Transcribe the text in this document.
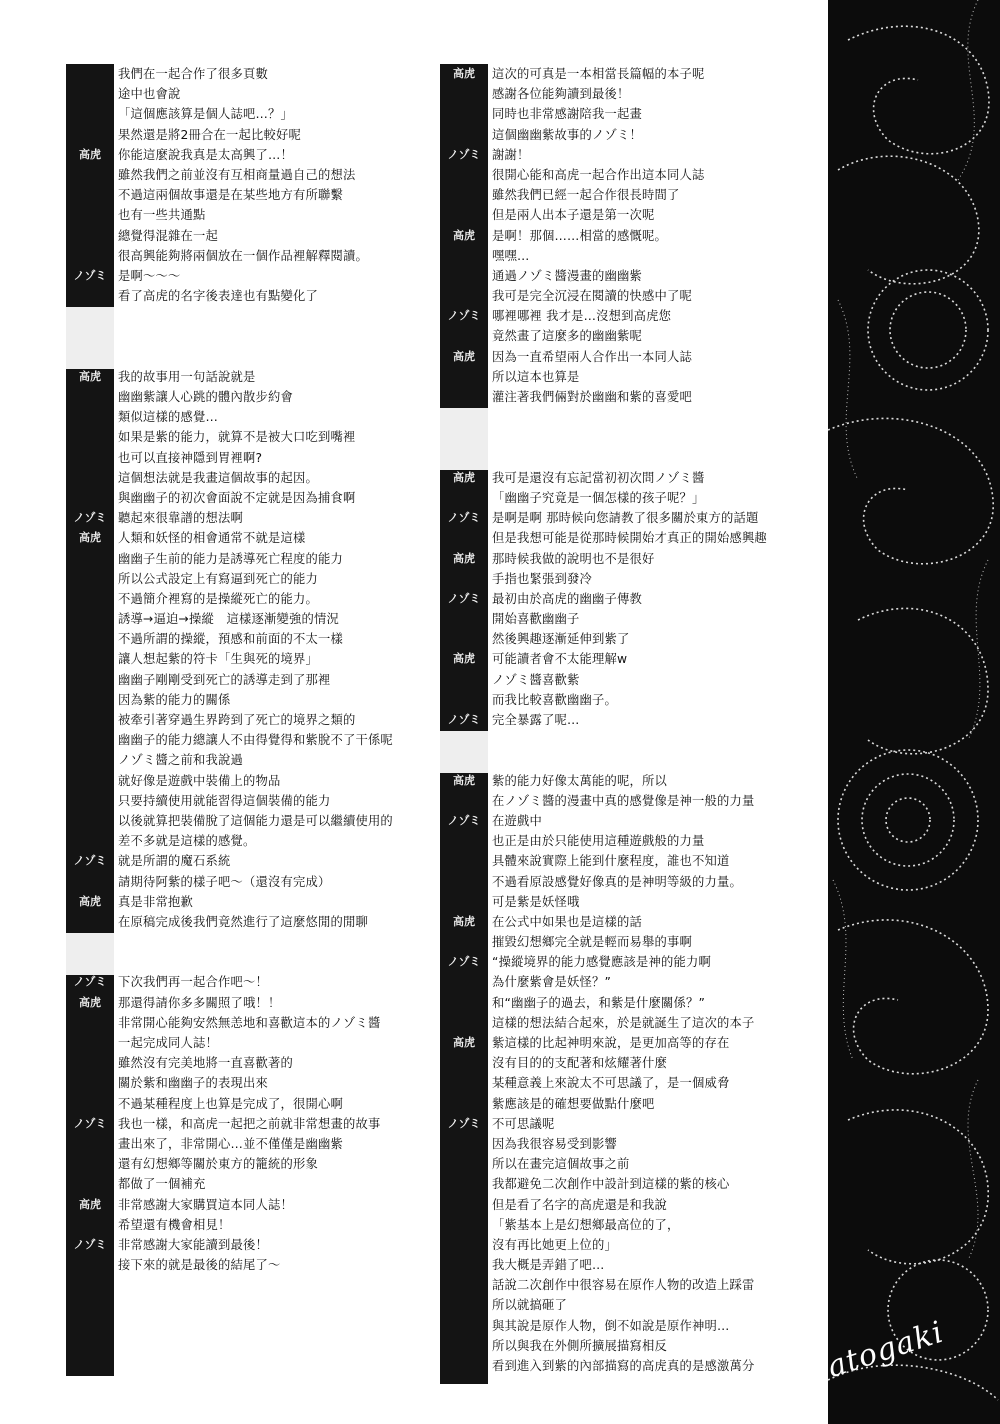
我們在一起合作了很多頁數
途中也會說
「這個應該算是個人誌吧…？」
果然還是將2冊合在一起比較好呢
高虎	你能這麼說我真是太高興了…！
雖然我們之前並沒有互相商量過自己的想法
不過這兩個故事還是在某些地方有所聯繫
也有一些共通點
總覺得混雜在一起
很高興能夠將兩個放在一個作品裡解釋閱讀。
ノゾミ 是啊～～～
看了高虎的名字後表達也有點變化了
高虎	我的故事用一句話說就是
幽幽紫讓人心跳的體內散步約會
類似這樣的感覺…
如果是紫的能力，就算不是被大口吃到嘴裡
也可以直接神隱到胃裡啊?
這個想法就是我畫這個故事的起因。
與幽幽子的初次會面說不定就是因為捕食啊
ノゾミ 聽起來很靠譜的想法啊
高虎	人類和妖怪的相會通常不就是這樣
幽幽子生前的能力是誘導死亡程度的能力
所以公式設定上有寫逼到死亡的能力
不過簡介裡寫的是操縱死亡的能力。
誘導→逼迫→操縱　這樣逐漸變強的情況
不過所謂的操縱，預感和前面的不太一樣
讓人想起紫的符卡「生與死的境界」
幽幽子剛剛受到死亡的誘導走到了那裡
因為紫的能力的關係
被牽引著穿過生界跨到了死亡的境界之類的
幽幽子的能力總讓人不由得覺得和紫脫不了干係呢
ノゾミ醬之前和我說過
就好像是遊戲中裝備上的物品
只要持續使用就能習得這個裝備的能力
以後就算把裝備脫了這個能力還是可以繼續使用的
差不多就是這樣的感覺。
ノゾミ 就是所謂的魔石系統
請期待阿紫的樣子吧～（還沒有完成）
高虎	真是非常抱歉
在原稿完成後我們竟然進行了這麼悠閒的閒聊
ノゾミ 下次我們再一起合作吧～！
高虎	那還得請你多多關照了哦！！
非常開心能夠安然無恙地和喜歡這本的ノゾミ醬
一起完成同人誌！
雖然沒有完美地將一直喜歡著的
關於紫和幽幽子的表現出來
不過某種程度上也算是完成了，很開心啊
ノゾミ 我也一樣，和高虎一起把之前就非常想畫的故事
畫出來了，非常開心…並不僅僅是幽幽紫
還有幻想鄉等關於東方的籠統的形象
都做了一個補充
高虎	非常感謝大家購買這本同人誌！
希望還有機會相見！
ノゾミ 非常感謝大家能讀到最後！
接下來的就是最後的結尾了～
高虎	這次的可真是一本相當長篇幅的本子呢
感謝各位能夠讀到最後！
同時也非常感謝陪我一起畫
這個幽幽紫故事的ノゾミ！
ノゾミ 謝謝！
很開心能和高虎一起合作出這本同人誌
雖然我們已經一起合作很長時間了
但是兩人出本子還是第一次呢
高虎	是啊！那個……相當的感慨呢。
嘿嘿…
通過ノゾミ醬漫畫的幽幽紫
我可是完全沉浸在閱讀的快感中了呢
ノゾミ 哪裡哪裡 我才是…沒想到高虎您
竟然畫了這麼多的幽幽紫呢
高虎	因為一直希望兩人合作出一本同人誌
所以這本也算是
灌注著我們倆對於幽幽和紫的喜愛吧
高虎	我可是還沒有忘記當初初次問ノゾミ醬
「幽幽子究竟是一個怎樣的孩子呢？」
ノゾミ 是啊是啊 那時候向您請教了很多關於東方的話題
但是我想可能是從那時候開始才真正的開始感興趣
高虎	那時候我做的說明也不是很好
手指也緊張到發冷
ノゾミ 最初由於高虎的幽幽子傳教
開始喜歡幽幽子
然後興趣逐漸延伸到紫了
高虎	可能讀者會不太能理解w
ノゾミ醬喜歡紫
而我比較喜歡幽幽子。
ノゾミ 完全暴露了呢…
高虎	紫的能力好像太萬能的呢，所以
在ノゾミ醬的漫畫中真的感覺像是神一般的力量
ノゾミ 在遊戲中
也正是由於只能使用這種遊戲般的力量
具體來說實際上能到什麼程度，誰也不知道
不過看原設感覺好像真的是神明等級的力量。
可是紫是妖怪哦
高虎	在公式中如果也是這樣的話
摧毀幻想鄉完全就是輕而易舉的事啊
ノゾミ “操縱境界的能力感覺應該是神的能力啊
為什麼紫會是妖怪？”
和“幽幽子的過去，和紫是什麼關係？”
這樣的想法結合起來，於是就誕生了這次的本子
高虎	紫這樣的比起神明來說，是更加高等的存在
沒有目的的支配著和炫耀著什麼
某種意義上來說太不可思議了，是一個威脅
紫應該是的確想要做點什麼吧
ノゾミ 不可思議呢
因為我很容易受到影響
所以在畫完這個故事之前
我都避免二次創作中設計到這樣的紫的核心
但是看了名字的高虎還是和我說
「紫基本上是幻想鄉最高位的了，
沒有再比她更上位的」
我大概是弄錯了吧…
話說二次創作中很容易在原作人物的改造上踩雷
所以就搞砸了
與其說是原作人物，倒不如說是原作神明…
所以與我在外側所擴展描寫相反
看到進入到紫的內部描寫的高虎真的是感激萬分 atogaki
